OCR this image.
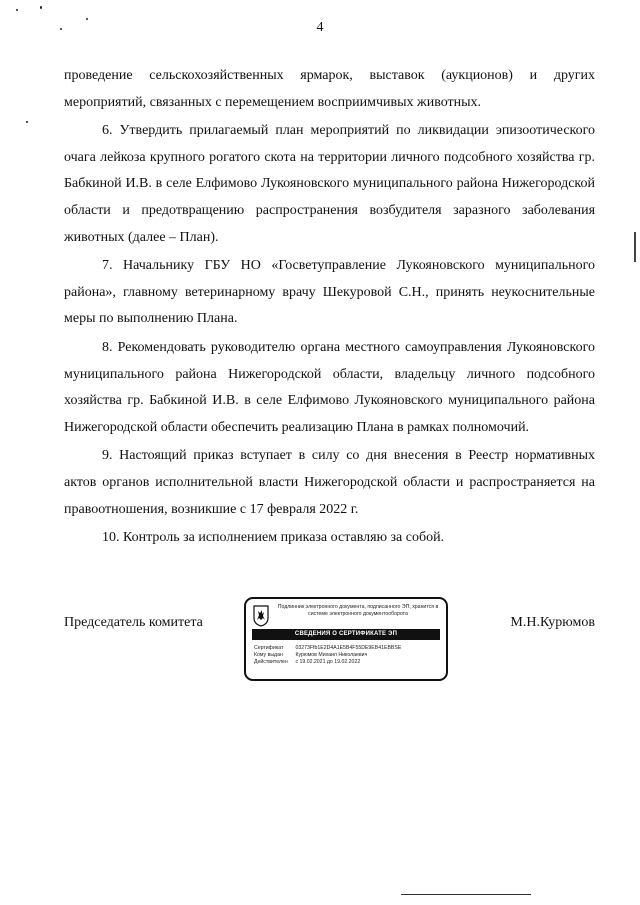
4

проведение сельскохозяйственных ярмарок, выставок (аукционов) и других мероприятий, связанных с перемещением восприимчивых животных.

6. Утвердить прилагаемый план мероприятий по ликвидации эпизоотического очага лейкоза крупного рогатого скота на территории личного подсобного хозяйства гр. Бабкиной И.В. в селе Елфимово Лукояновского муниципального района Нижегородской области и предотвращению распространения возбудителя заразного заболевания животных (далее – План).

7. Начальнику ГБУ НО «Госветуправление Лукояновского муниципального района», главному ветеринарному врачу Шекуровой С.Н., принять неукоснительные меры по выполнению Плана.

8. Рекомендовать руководителю органа местного самоуправления Лукояновского муниципального района Нижегородской области, владельцу личного подсобного хозяйства гр. Бабкиной И.В. в селе Елфимово Лукояновского муниципального района Нижегородской области обеспечить реализацию Плана в рамках полномочий.

9. Настоящий приказ вступает в силу со дня внесения в Реестр нормативных актов органов исполнительной власти Нижегородской области и распространяется на правоотношения, возникшие с 17 февраля 2022 г.

10. Контроль за исполнением приказа оставляю за собой.

Председатель комитета
Подлинник электронного документа, подписанного ЭП, хранится в системе электронного документооборота
СВЕДЕНИЯ О СЕРТИФИКАТЕ ЭП
Сертификат 03273Ffb1E2D4A1E5B4F55DE9EB41EBBSE
Кому выдан Курюмов Михаил Николаевич
Действителен с 19.02.2021 до 19.02.2022
М.Н.Курюмов
